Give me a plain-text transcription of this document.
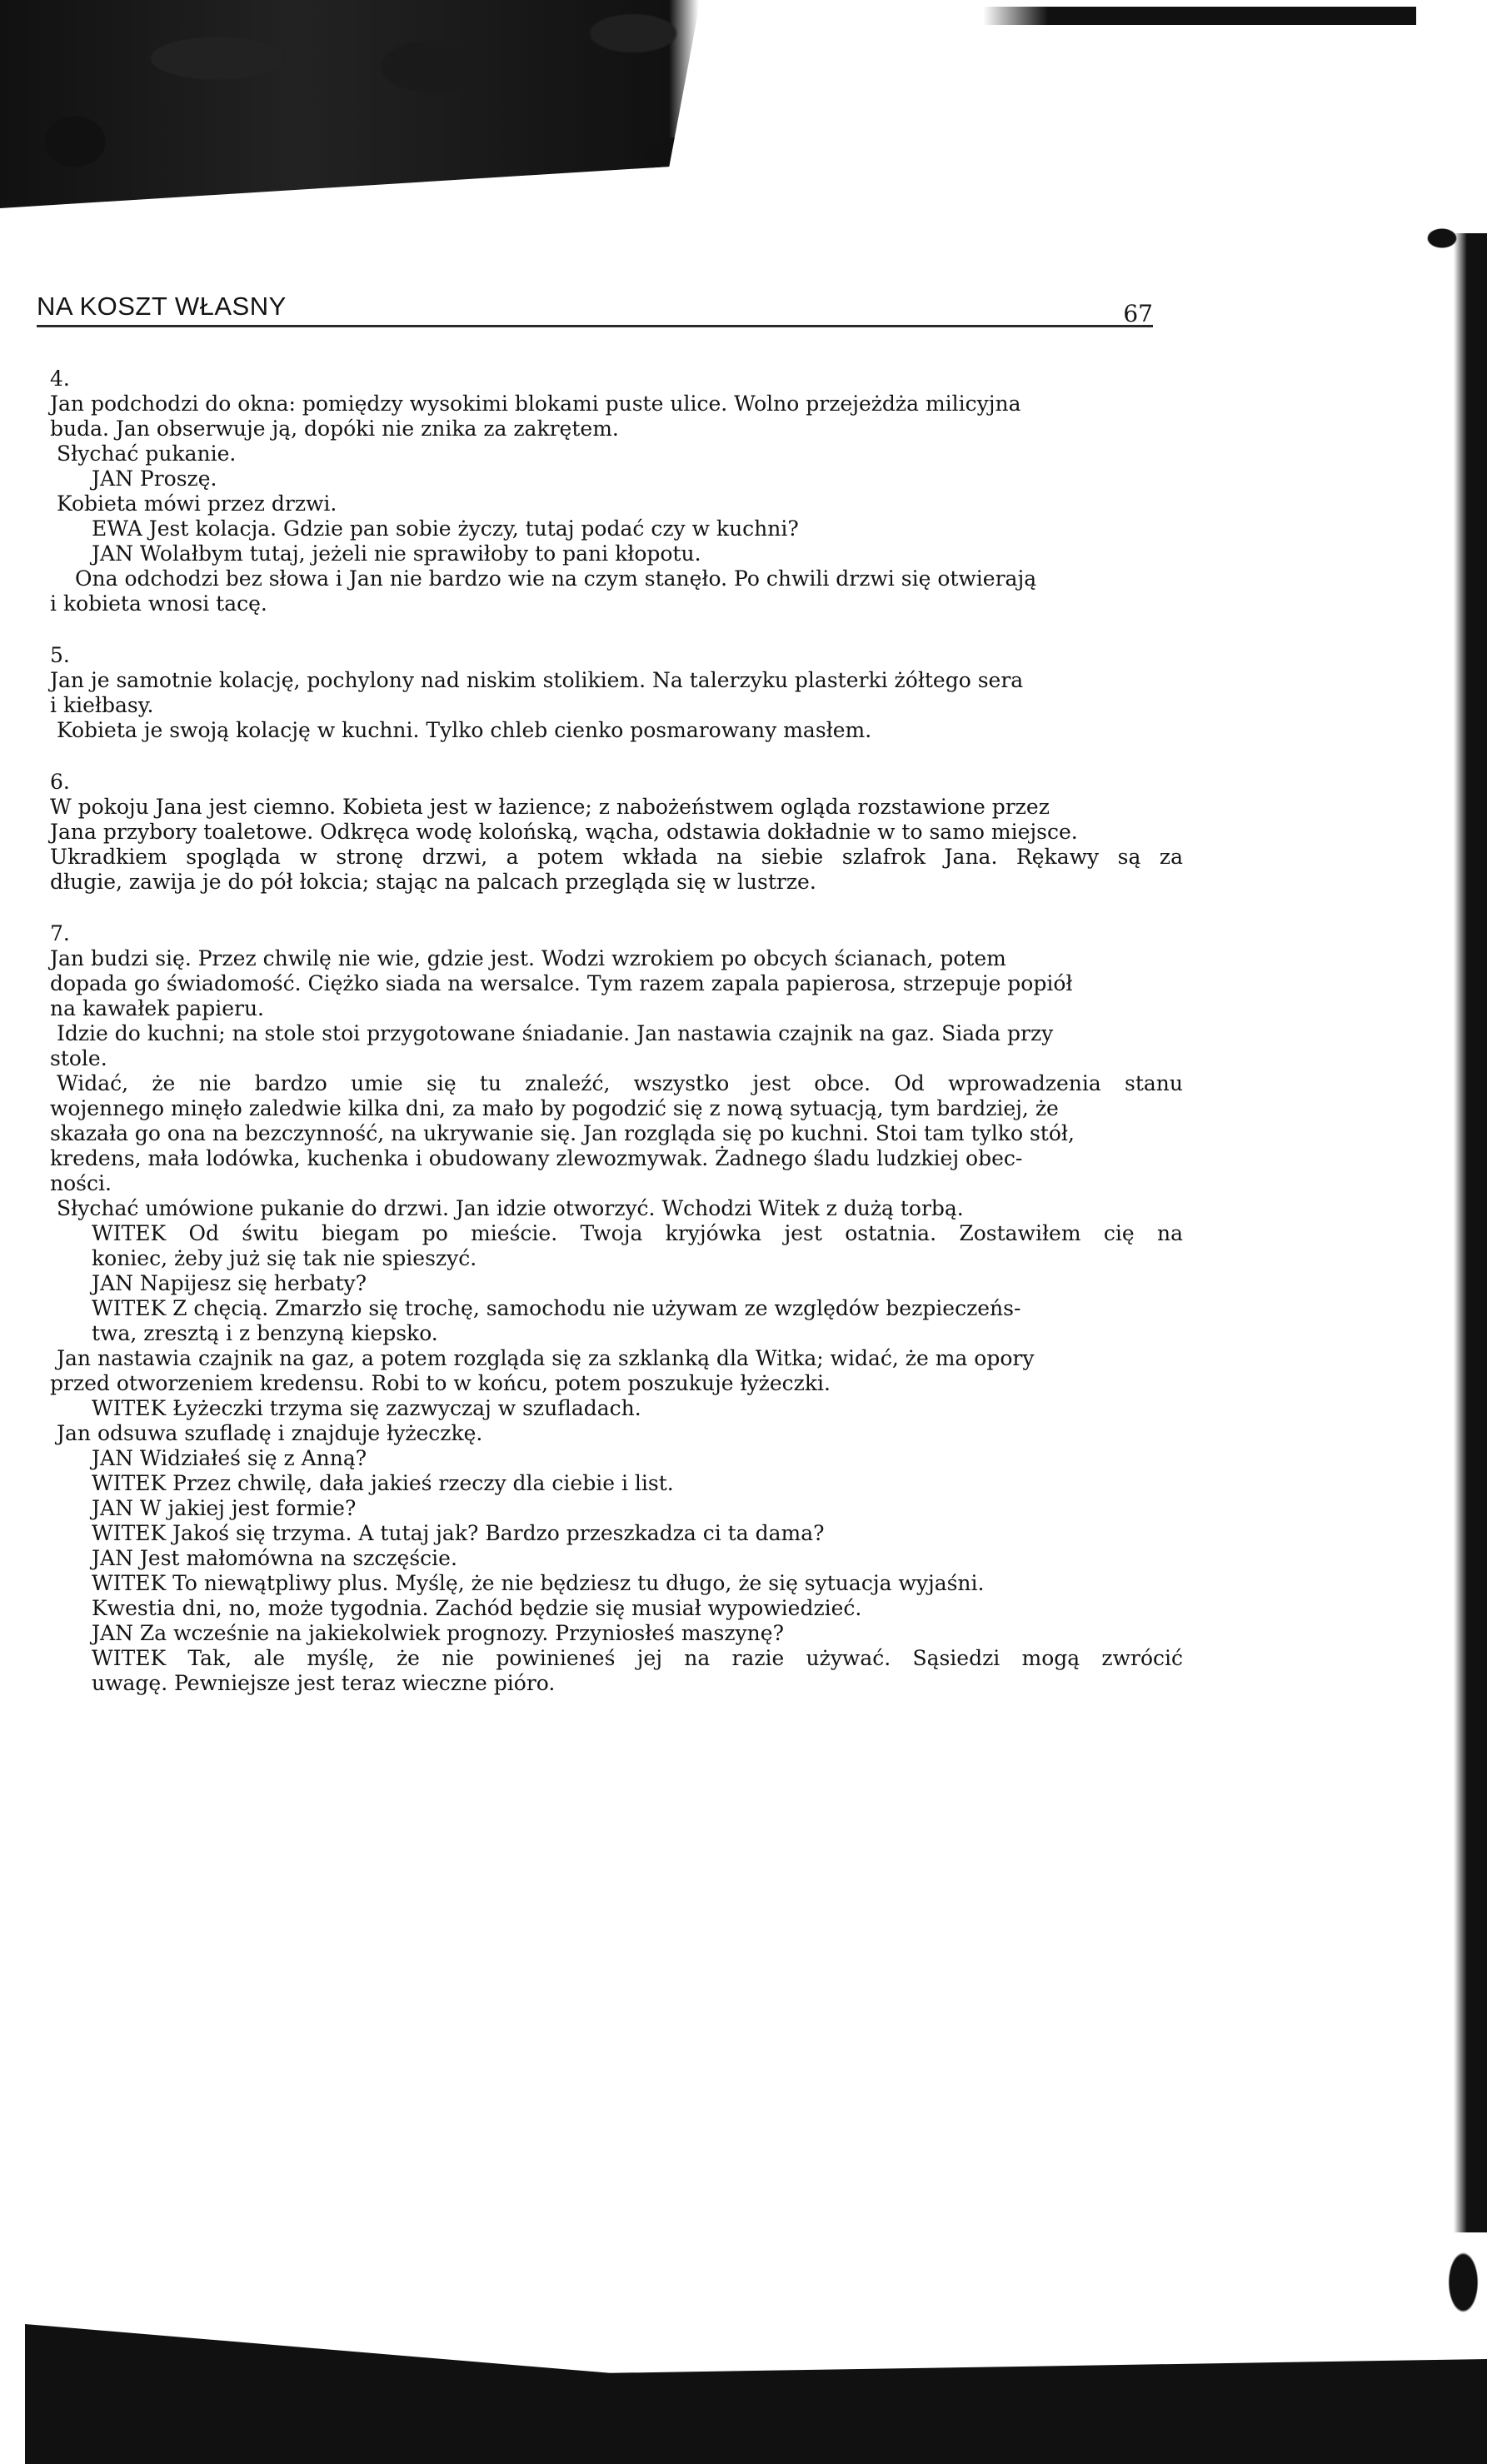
NA KOSZT WŁASNY	67
4.
Jan podchodzi do okna: pomiędzy wysokimi blokami puste ulice. Wolno przejeżdża milicyjna
buda. Jan obserwuje ją, dopóki nie znika za zakrętem.
Słychać pukanie.
JAN Proszę.
Kobieta mówi przez drzwi.
EWA Jest kolacja. Gdzie pan sobie życzy, tutaj podać czy w kuchni?
JAN Wolałbym tutaj, jeżeli nie sprawiłoby to pani kłopotu.
Ona odchodzi bez słowa i Jan nie bardzo wie na czym stanęło. Po chwili drzwi się otwierają
i kobieta wnosi tacę.
5.
Jan je samotnie kolację, pochylony nad niskim stolikiem. Na talerzyku plasterki żółtego sera
i kiełbasy.
Kobieta je swoją kolację w kuchni. Tylko chleb cienko posmarowany masłem.
6.
W pokoju Jana jest ciemno. Kobieta jest w łazience; z nabożeństwem ogląda rozstawione przez
Jana przybory toaletowe. Odkręca wodę kolońską, wącha, odstawia dokładnie w to samo miejsce.
Ukradkiem spogląda w stronę drzwi, a potem wkłada na siebie szlafrok Jana. Rękawy są za
długie, zawija je do pół łokcia; stając na palcach przegląda się w lustrze.
7.
Jan budzi się. Przez chwilę nie wie, gdzie jest. Wodzi wzrokiem po obcych ścianach, potem
dopada go świadomość. Ciężko siada na wersalce. Tym razem zapala papierosa, strzepuje popiół
na kawałek papieru.
Idzie do kuchni; na stole stoi przygotowane śniadanie. Jan nastawia czajnik na gaz. Siada przy
stole.
Widać, że nie bardzo umie się tu znaleźć, wszystko jest obce. Od wprowadzenia stanu
wojennego minęło zaledwie kilka dni, za mało by pogodzić się z nową sytuacją, tym bardziej, że
skazała go ona na bezczynność, na ukrywanie się. Jan rozgląda się po kuchni. Stoi tam tylko stół,
kredens, mała lodówka, kuchenka i obudowany zlewozmywak. Żadnego śladu ludzkiej obec-
ności.
Słychać umówione pukanie do drzwi. Jan idzie otworzyć. Wchodzi Witek z dużą torbą.
WITEK Od świtu biegam po mieście. Twoja kryjówka jest ostatnia. Zostawiłem cię na
koniec, żeby już się tak nie spieszyć.
JAN Napijesz się herbaty?
WITEK Z chęcią. Zmarzło się trochę, samochodu nie używam ze względów bezpieczeńs-
twa, zresztą i z benzyną kiepsko.
Jan nastawia czajnik na gaz, a potem rozgląda się za szklanką dla Witka; widać, że ma opory
przed otworzeniem kredensu. Robi to w końcu, potem poszukuje łyżeczki.
WITEK Łyżeczki trzyma się zazwyczaj w szufladach.
Jan odsuwa szufladę i znajduje łyżeczkę.
JAN Widziałeś się z Anną?
WITEK Przez chwilę, dała jakieś rzeczy dla ciebie i list.
JAN W jakiej jest formie?
WITEK Jakoś się trzyma. A tutaj jak? Bardzo przeszkadza ci ta dama?
JAN Jest małomówna na szczęście.
WITEK To niewątpliwy plus. Myślę, że nie będziesz tu długo, że się sytuacja wyjaśni.
Kwestia dni, no, może tygodnia. Zachód będzie się musiał wypowiedzieć.
JAN Za wcześnie na jakiekolwiek prognozy. Przyniosłeś maszynę?
WITEK Tak, ale myślę, że nie powinieneś jej na razie używać. Sąsiedzi mogą zwrócić
uwagę. Pewniejsze jest teraz wieczne pióro.
